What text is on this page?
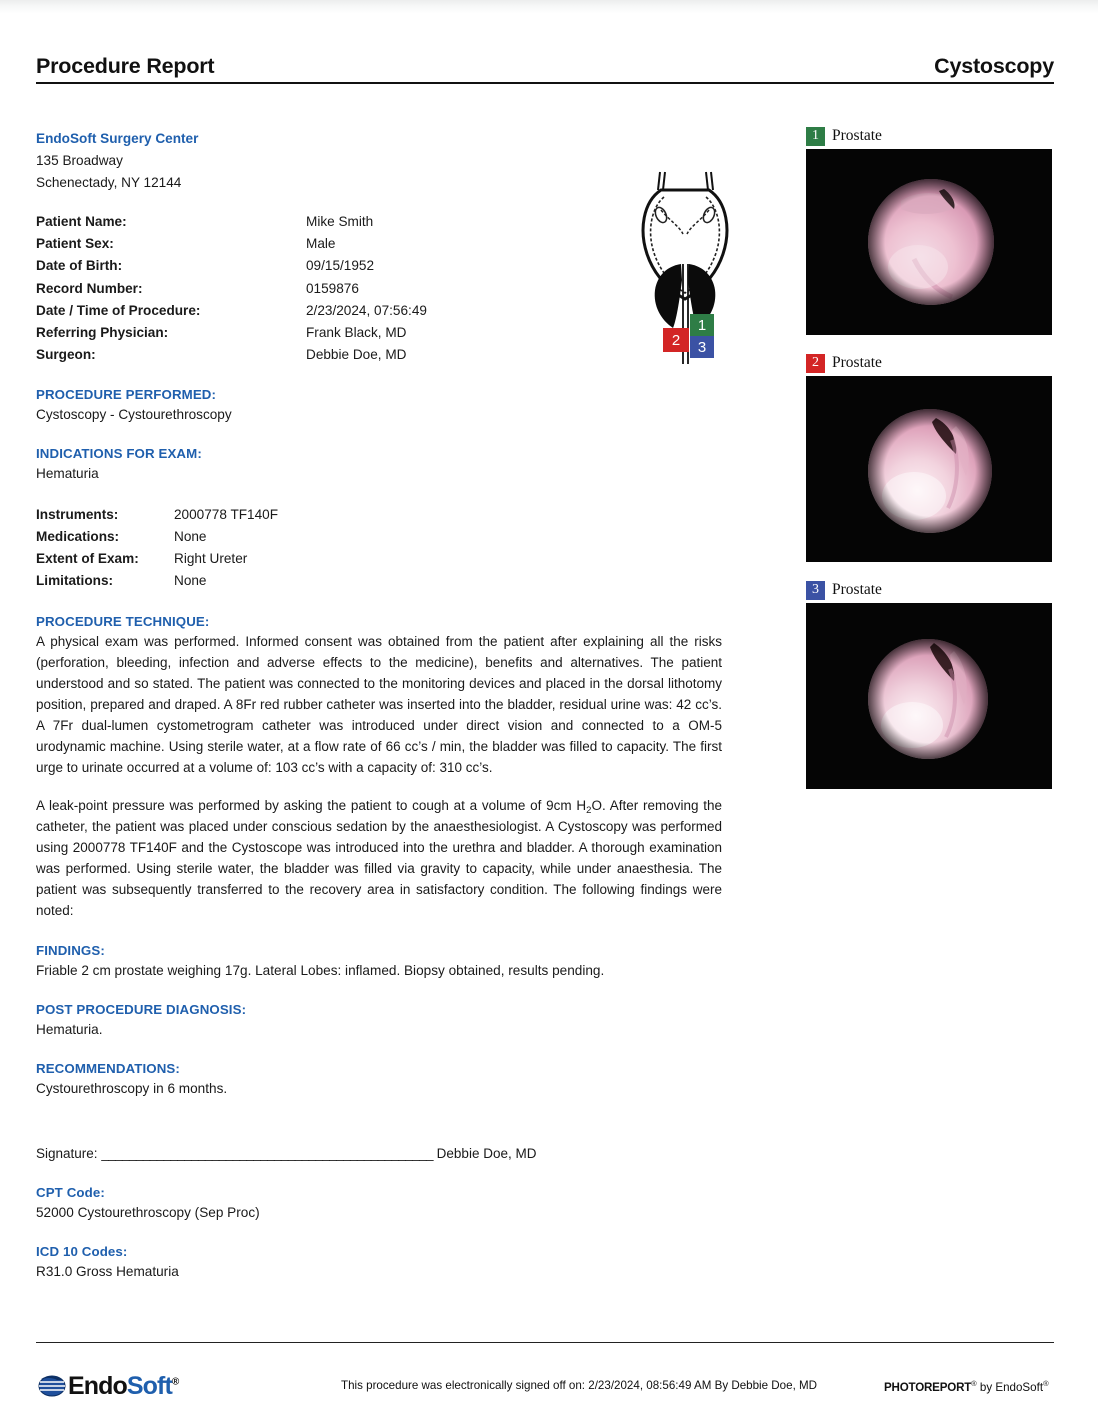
Procedure Report	Cystoscopy
EndoSoft Surgery Center
135 Broadway
Schenectady, NY 12144
Patient Name:	Mike Smith
Patient Sex:	Male
Date of Birth:	09/15/1952
Record Number:	0159876
Date / Time of Procedure:	2/23/2024, 07:56:49
Referring Physician:	Frank Black, MD
Surgeon:	Debbie Doe, MD
PROCEDURE PERFORMED:
Cystoscopy - Cystourethroscopy
INDICATIONS FOR EXAM:
Hematuria
Instruments:	2000778 TF140F
Medications:	None
Extent of Exam:	Right Ureter
Limitations:	None
PROCEDURE TECHNIQUE:

A physical exam was performed. Informed consent was obtained from the patient after explaining all the risks (perforation, bleeding, infection and adverse effects to the medicine), benefits and alternatives. The patient understood and so stated. The patient was connected to the monitoring devices and placed in the dorsal lithotomy position, prepared and draped. A 8Fr red rubber catheter was inserted into the bladder, residual urine was: 42 cc’s. A 7Fr dual-lumen cystometrogram catheter was introduced under direct vision and connected to a OM-5 urodynamic machine. Using sterile water, at a flow rate of 66 cc’s / min, the bladder was filled to capacity. The first urge to urinate occurred at a volume of: 103 cc’s with a capacity of: 310 cc’s.

A leak-point pressure was performed by asking the patient to cough at a volume of 9cm $H_2O$. After removing the catheter, the patient was placed under conscious sedation by the anaesthesiologist. A Cystoscopy was performed using 2000778 TF140F and the Cystoscope was introduced into the urethra and bladder. A thorough examination was performed. Using sterile water, the bladder was filled via gravity to capacity, while under anaesthesia. The patient was subsequently transferred to the recovery area in satisfactory condition. The following findings were noted:

FINDINGS:
Friable 2 cm prostate weighing 17g. Lateral Lobes: inflamed. Biopsy obtained, results pending.
POST PROCEDURE DIAGNOSIS:
Hematuria.
RECOMMENDATIONS:
Cystourethroscopy in 6 months.
Signature: ________________________________________________ Debbie Doe, MD
CPT Code:
52000 Cystourethroscopy (Sep Proc)
ICD 10 Codes:
R31.0 Gross Hematuria
1
3
2
1 Prostate
2 Prostate
3 Prostate
EndoSoft®	This procedure was electronically signed off on: 2/23/2024, 08:56:49 AM By Debbie Doe, MD	PHOTOREPORT® by EndoSoft®
